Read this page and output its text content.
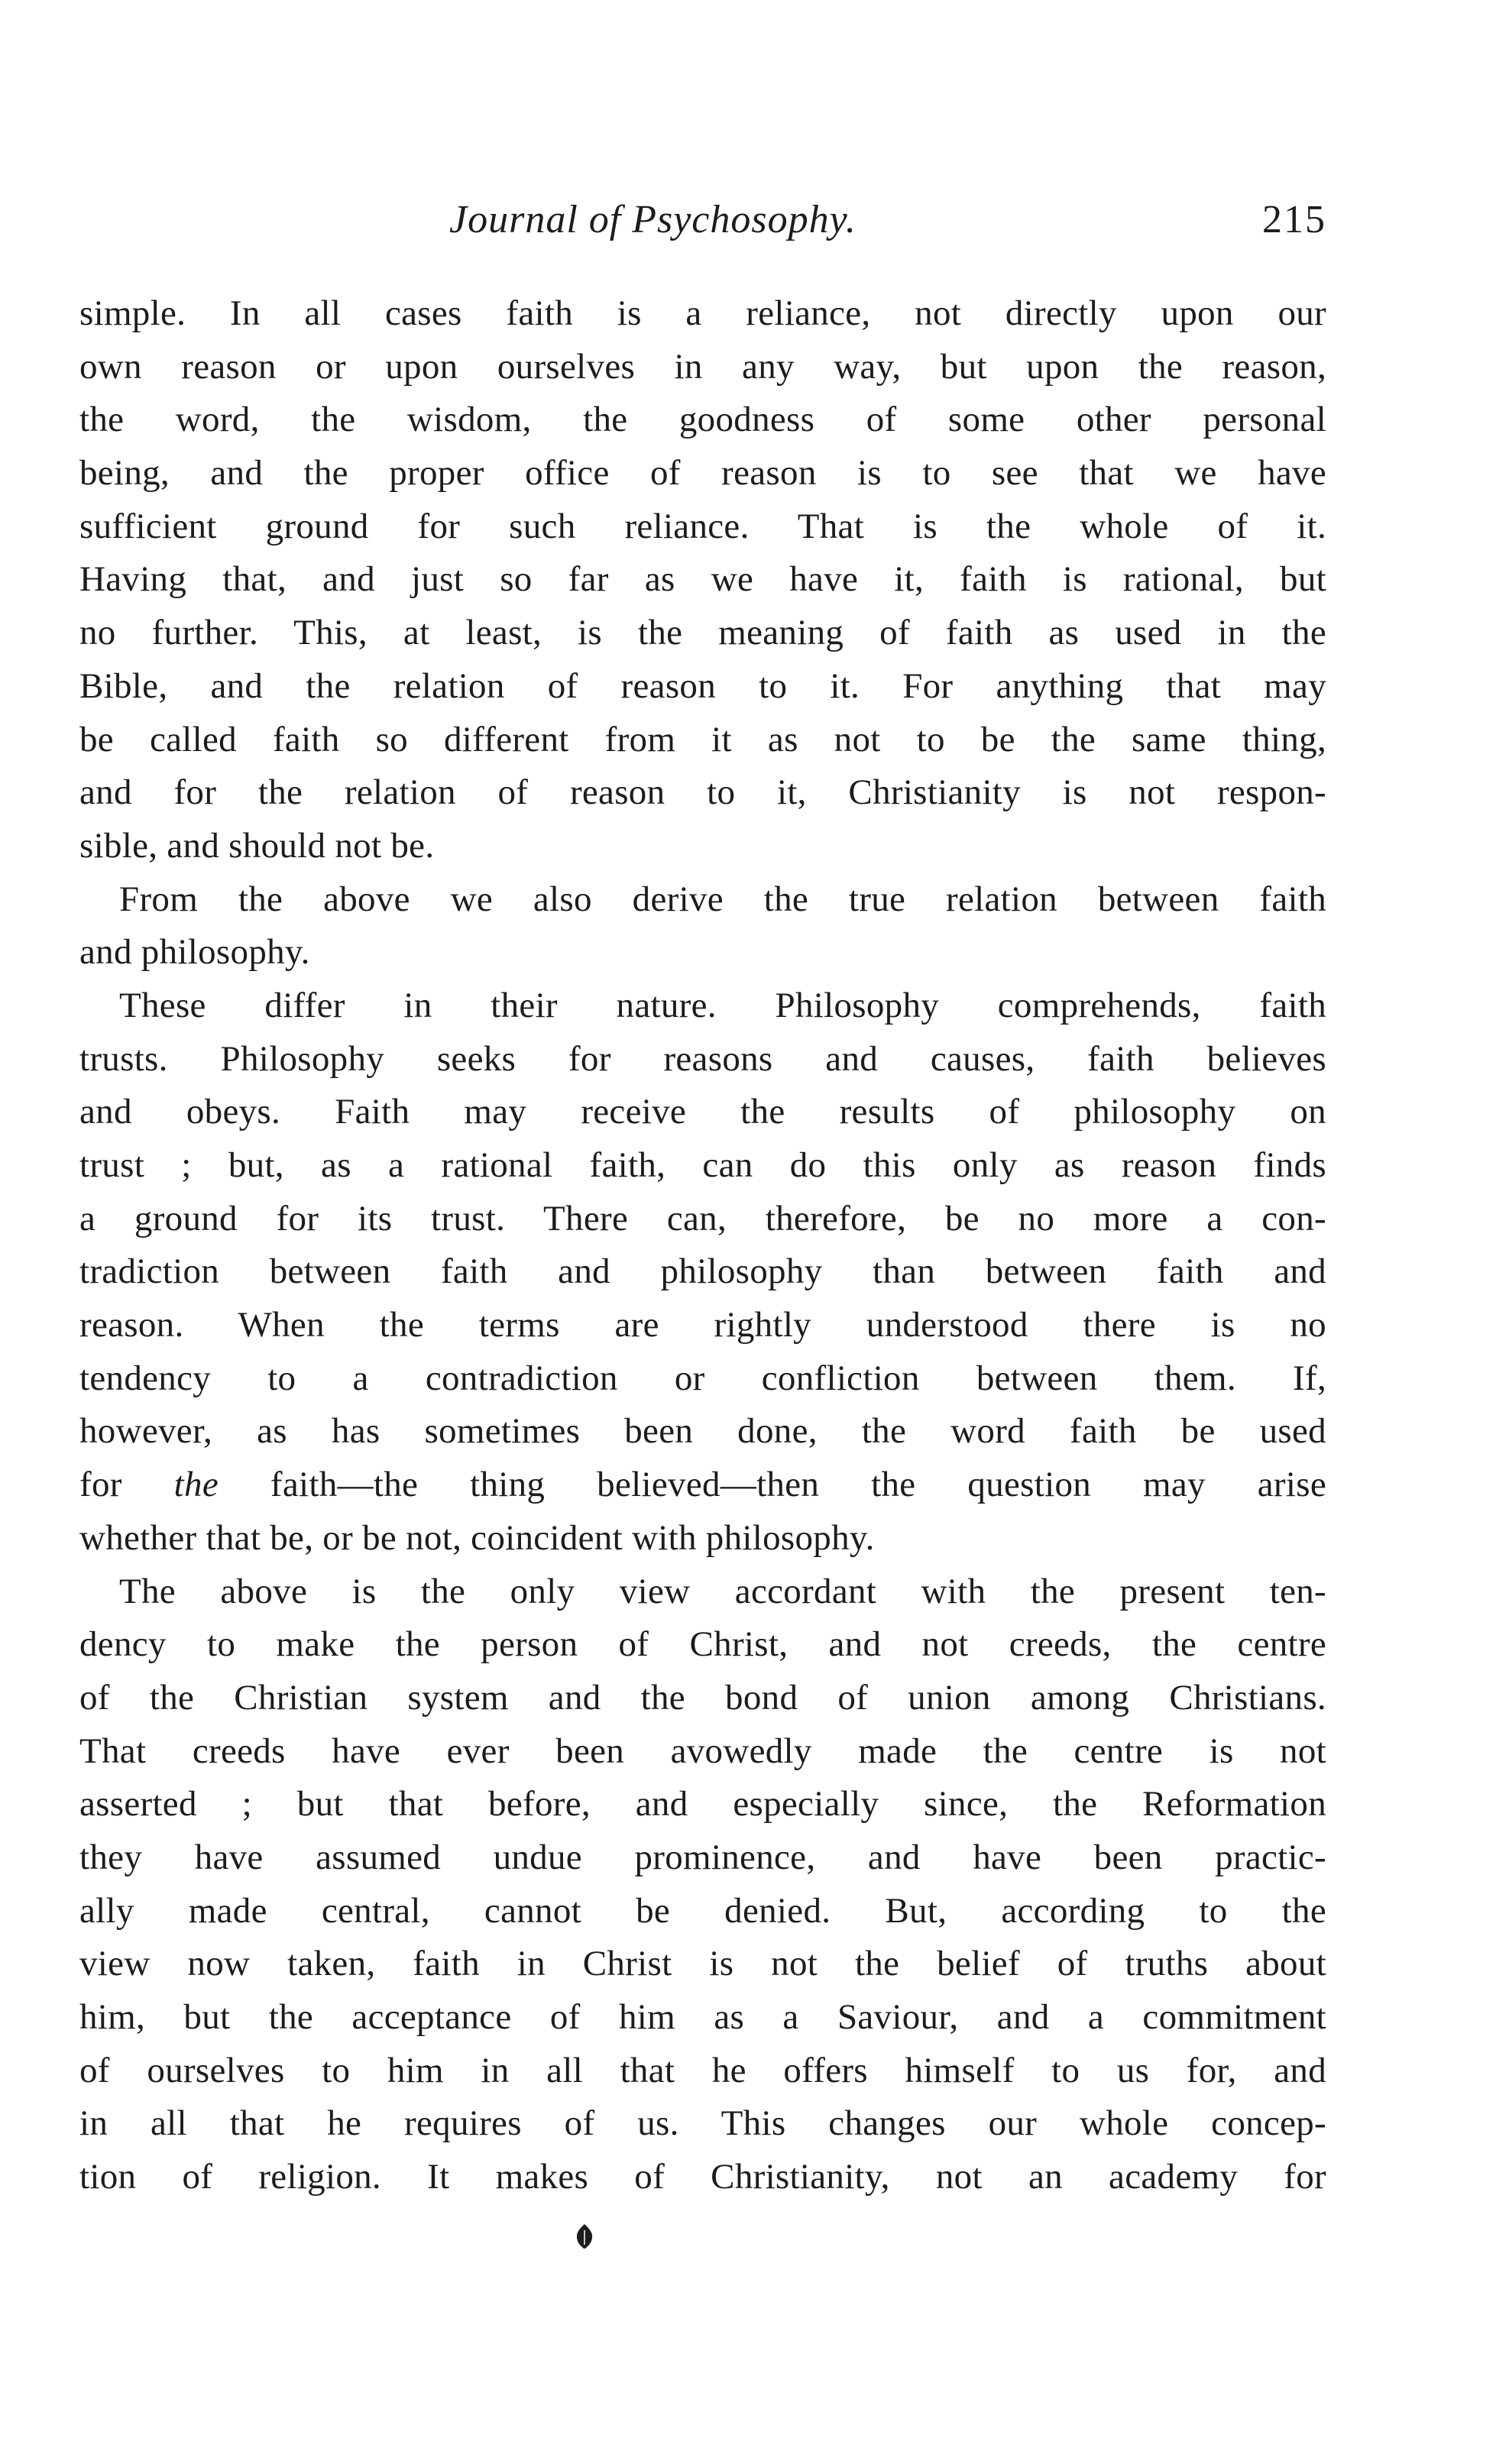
Journal of Psychosophy.	215
simple. In all cases faith is a reliance, not directly upon our
own reason or upon ourselves in any way, but upon the reason,
the word, the wisdom, the goodness of some other personal
being, and the proper office of reason is to see that we have
sufficient ground for such reliance. That is the whole of it.
Having that, and just so far as we have it, faith is rational, but
no further. This, at least, is the meaning of faith as used in the
Bible, and the relation of reason to it. For anything that may
be called faith so different from it as not to be the same thing,
and for the relation of reason to it, Christianity is not respon-
sible, and should not be.
From the above we also derive the true relation between faith
and philosophy.
These differ in their nature. Philosophy comprehends, faith
trusts. Philosophy seeks for reasons and causes, faith believes
and obeys. Faith may receive the results of philosophy on
trust ; but, as a rational faith, can do this only as reason finds
a ground for its trust. There can, therefore, be no more a con-
tradiction between faith and philosophy than between faith and
reason. When the terms are rightly understood there is no
tendency to a contradiction or confliction between them. If,
however, as has sometimes been done, the word faith be used
for the faith—the thing believed—then the question may arise
whether that be, or be not, coincident with philosophy.
The above is the only view accordant with the present ten-
dency to make the person of Christ, and not creeds, the centre
of the Christian system and the bond of union among Christians.
That creeds have ever been avowedly made the centre is not
asserted ; but that before, and especially since, the Reformation
they have assumed undue prominence, and have been practic-
ally made central, cannot be denied. But, according to the
view now taken, faith in Christ is not the belief of truths about
him, but the acceptance of him as a Saviour, and a commitment
of ourselves to him in all that he offers himself to us for, and
in all that he requires of us. This changes our whole concep-
tion of religion. It makes of Christianity, not an academy for
